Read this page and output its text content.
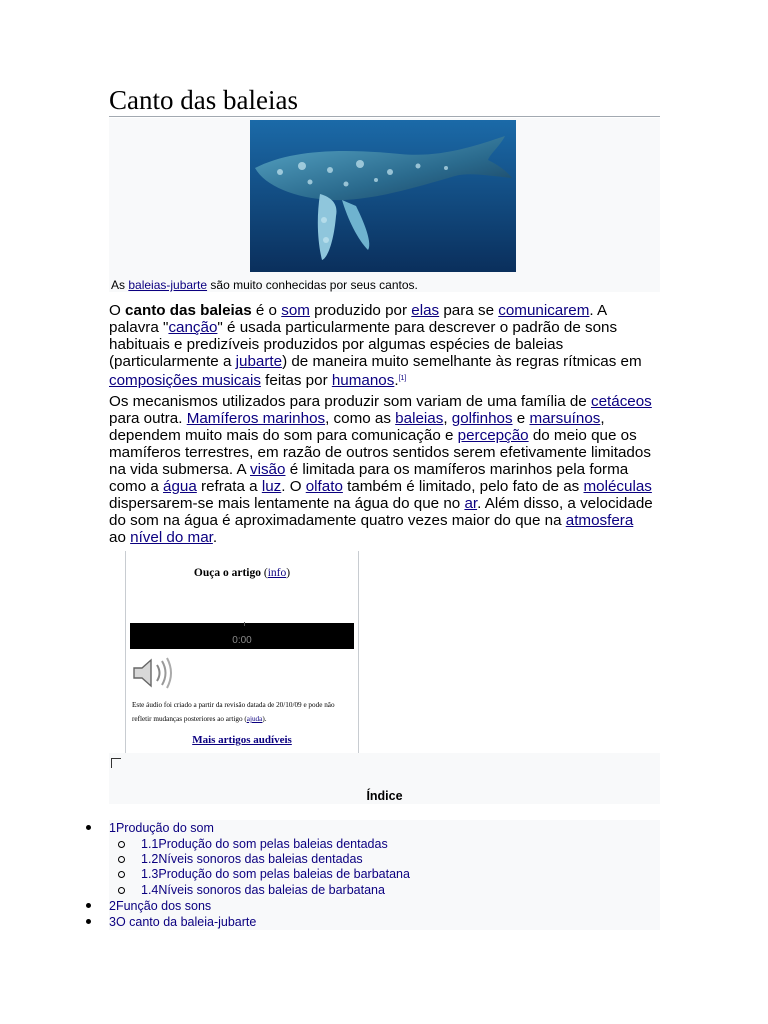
Canto das baleias
As baleias-jubarte são muito conhecidas por seus cantos.

O canto das baleias é o som produzido por elas para se comunicarem. A palavra "canção" é usada particularmente para descrever o padrão de sons habituais e predizíveis produzidos por algumas espécies de baleias (particularmente a jubarte) de maneira muito semelhante às regras rítmicas em composições musicais feitas por humanos.[1]

Os mecanismos utilizados para produzir som variam de uma família de cetáceos para outra. Mamíferos marinhos, como as baleias, golfinhos e marsuínos, dependem muito mais do som para comunicação e percepção do meio que os mamíferos terrestres, em razão de outros sentidos serem efetivamente limitados na vida submersa. A visão é limitada para os mamíferos marinhos pela forma como a água refrata a luz. O olfato também é limitado, pelo fato de as moléculas dispersarem-se mais lentamente na água do que no ar. Além disso, a velocidade do som na água é aproximadamente quatro vezes maior do que na atmosfera ao nível do mar.

Ouça o artigo (info)
0:00
Este áudio foi criado a partir da revisão datada de 20/10/09 e pode não refletir mudanças posteriores ao artigo (ajuda).
Mais artigos audíveis
Índice
1Produção do som
1.1Produção do som pelas baleias dentadas
1.2Níveis sonoros das baleias dentadas
1.3Produção do som pelas baleias de barbatana
1.4Níveis sonoros das baleias de barbatana
2Função dos sons
3O canto da baleia-jubarte
